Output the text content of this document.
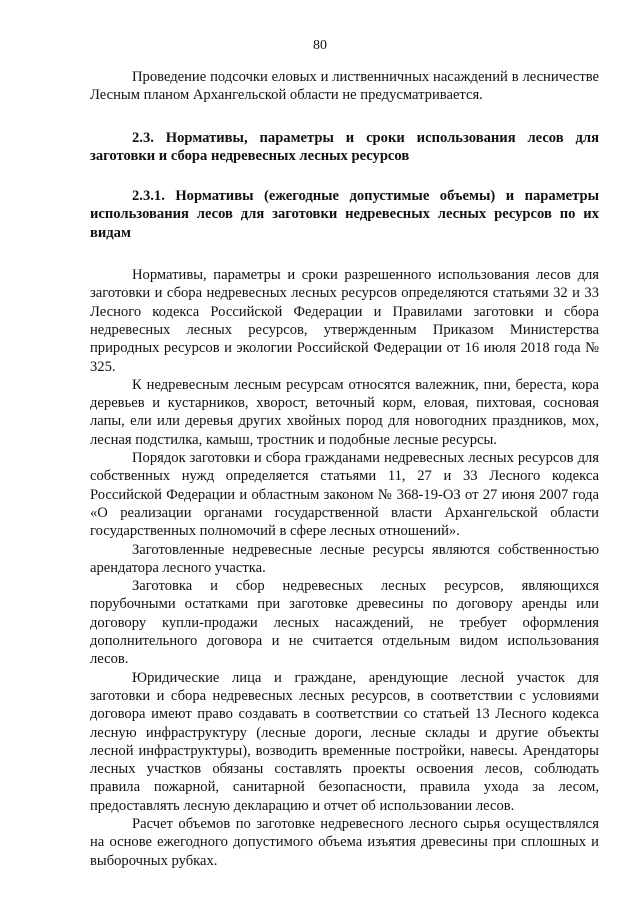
80

Проведение подсочки еловых и лиственничных насаждений в лесничестве Лесным планом Архангельской области не предусматривается.

2.3. Нормативы, параметры и сроки использования лесов для заготовки и сбора недревесных лесных ресурсов

2.3.1. Нормативы (ежегодные допустимые объемы) и параметры использования лесов для заготовки недревесных лесных ресурсов по их видам

Нормативы, параметры и сроки разрешенного использования лесов для заготовки и сбора недревесных лесных ресурсов определяются статьями 32 и 33 Лесного кодекса Российской Федерации и Правилами заготовки и сбора недревесных лесных ресурсов, утвержденным Приказом Министерства природных ресурсов и экологии Российской Федерации от 16 июля 2018 года № 325.

К недревесным лесным ресурсам относятся валежник, пни, береста, кора деревьев и кустарников, хворост, веточный корм, еловая, пихтовая, сосновая лапы, ели или деревья других хвойных пород для новогодних праздников, мох, лесная подстилка, камыш, тростник и подобные лесные ресурсы.

Порядок заготовки и сбора гражданами недревесных лесных ресурсов для собственных нужд определяется статьями 11, 27 и 33 Лесного кодекса Российской Федерации и областным законом № 368-19-ОЗ от 27 июня 2007 года «О реализации органами государственной власти Архангельской области государственных полномочий в сфере лесных отношений».

Заготовленные недревесные лесные ресурсы являются собственностью арендатора лесного участка.

Заготовка и сбор недревесных лесных ресурсов, являющихся порубочными остатками при заготовке древесины по договору аренды или договору купли-продажи лесных насаждений, не требует оформления дополнительного договора и не считается отдельным видом использования лесов.

Юридические лица и граждане, арендующие лесной участок для заготовки и сбора недревесных лесных ресурсов, в соответствии с условиями договора имеют право создавать в соответствии со статьей 13 Лесного кодекса лесную инфраструктуру (лесные дороги, лесные склады и другие объекты лесной инфраструктуры), возводить временные постройки, навесы. Арендаторы лесных участков обязаны составлять проекты освоения лесов, соблюдать правила пожарной, санитарной безопасности, правила ухода за лесом, предоставлять лесную декларацию и отчет об использовании лесов.

Расчет объемов по заготовке недревесного лесного сырья осуществлялся на основе ежегодного допустимого объема изъятия древесины при сплошных и выборочных рубках.
